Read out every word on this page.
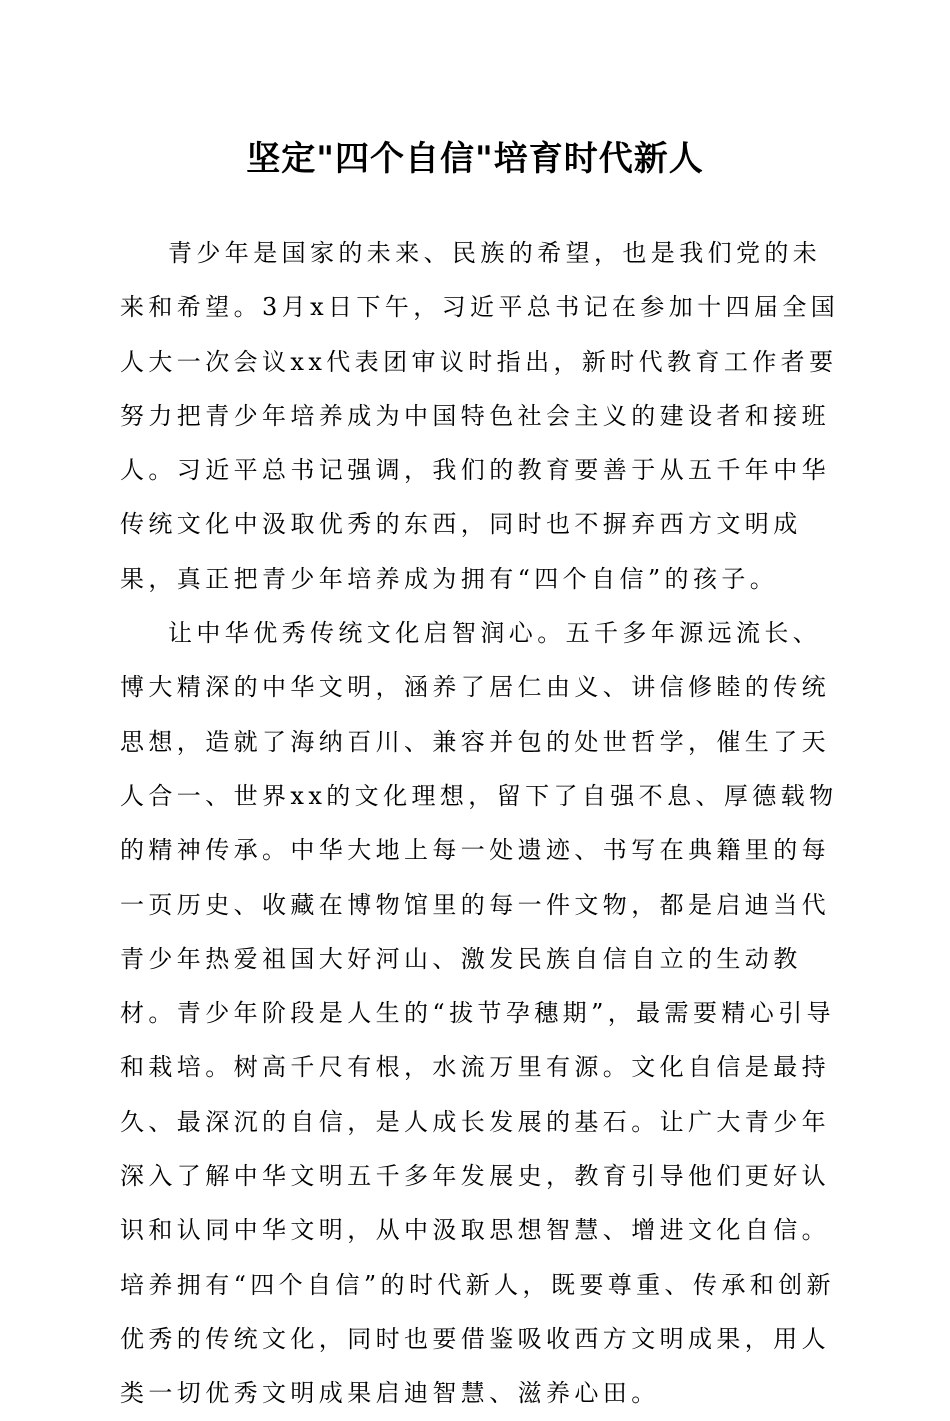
坚定"四个自信"培育时代新人

青少年是国家的未来、民族的希望，也是我们党的未来和希望。3月x日下午，习近平总书记在参加十四届全国人大一次会议xx代表团审议时指出，新时代教育工作者要努力把青少年培养成为中国特色社会主义的建设者和接班人。习近平总书记强调，我们的教育要善于从五千年中华传统文化中汲取优秀的东西，同时也不摒弃西方文明成果，真正把青少年培养成为拥有“四个自信”的孩子。

让中华优秀传统文化启智润心。五千多年源远流长、博大精深的中华文明，涵养了居仁由义、讲信修睦的传统思想，造就了海纳百川、兼容并包的处世哲学，催生了天人合一、世界xx的文化理想，留下了自强不息、厚德载物的精神传承。中华大地上每一处遗迹、书写在典籍里的每一页历史、收藏在博物馆里的每一件文物，都是启迪当代青少年热爱祖国大好河山、激发民族自信自立的生动教材。青少年阶段是人生的“拔节孕穗期”，最需要精心引导和栽培。树高千尺有根，水流万里有源。文化自信是最持久、最深沉的自信，是人成长发展的基石。让广大青少年深入了解中华文明五千多年发展史，教育引导他们更好认识和认同中华文明，从中汲取思想智慧、增进文化自信。培养拥有“四个自信”的时代新人，既要尊重、传承和创新优秀的传统文化，同时也要借鉴吸收西方文明成果，用人类一切优秀文明成果启迪智慧、滋养心田。
